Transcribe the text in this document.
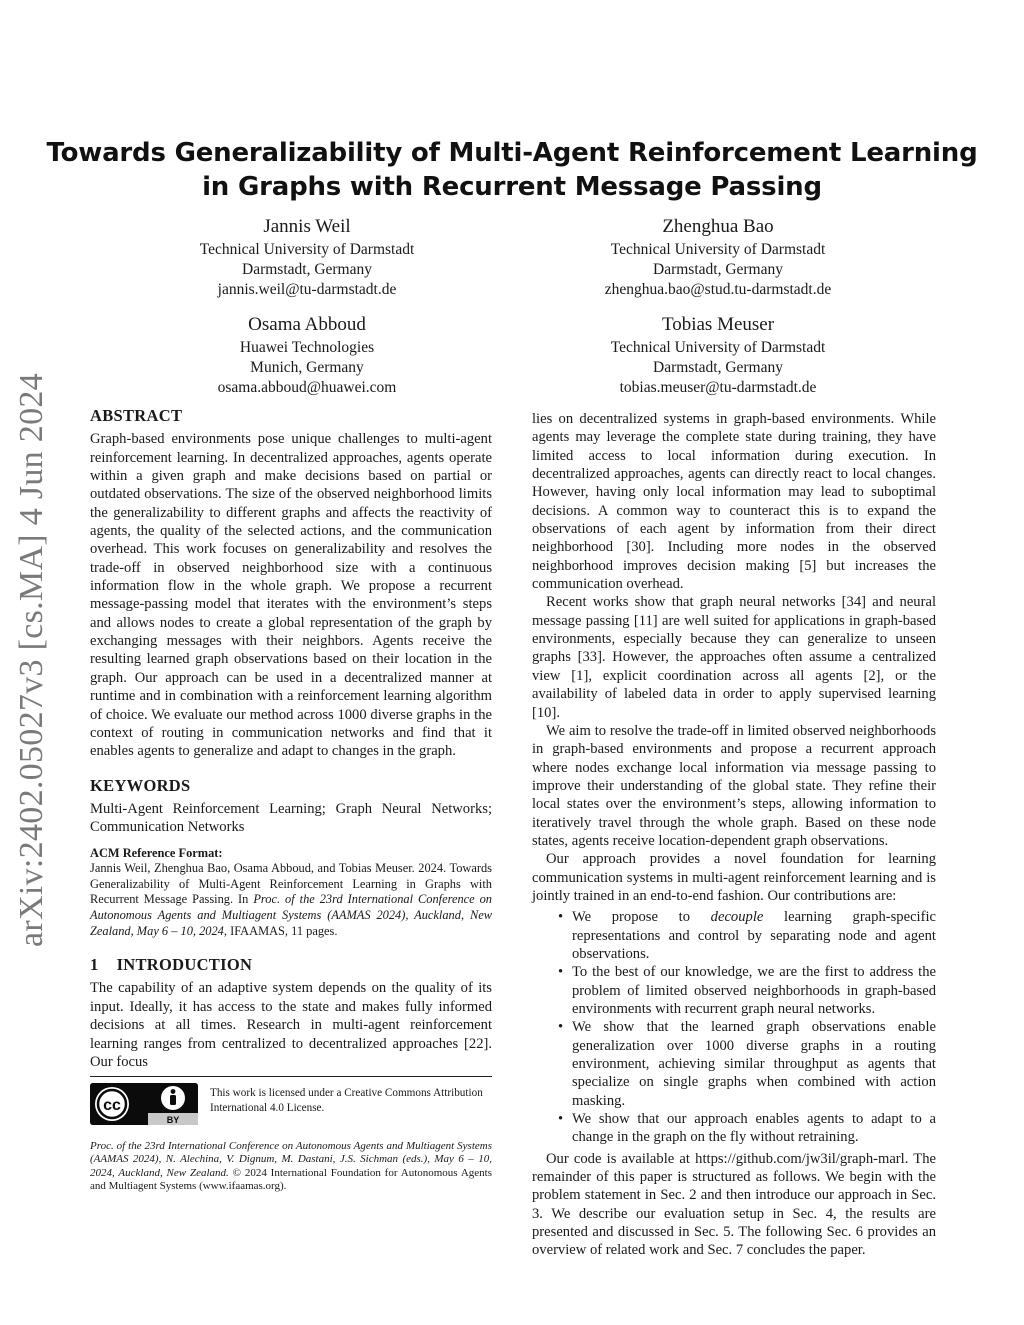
Towards Generalizability of Multi-Agent Reinforcement Learning
in Graphs with Recurrent Message Passing
Jannis Weil
Technical University of Darmstadt
Darmstadt, Germany
jannis.weil@tu-darmstadt.de
Zhenghua Bao
Technical University of Darmstadt
Darmstadt, Germany
zhenghua.bao@stud.tu-darmstadt.de
Osama Abboud
Huawei Technologies
Munich, Germany
osama.abboud@huawei.com
Tobias Meuser
Technical University of Darmstadt
Darmstadt, Germany
tobias.meuser@tu-darmstadt.de
arXiv:2402.05027v3 [cs.MA] 4 Jun 2024 ABSTRACT

Graph-based environments pose unique challenges to multi-agent reinforcement learning. In decentralized approaches, agents operate within a given graph and make decisions based on partial or outdated observations. The size of the observed neighborhood limits the generalizability to different graphs and affects the reactivity of agents, the quality of the selected actions, and the communication overhead. This work focuses on generalizability and resolves the trade-off in observed neighborhood size with a continuous information flow in the whole graph. We propose a recurrent message-passing model that iterates with the environment’s steps and allows nodes to create a global representation of the graph by exchanging messages with their neighbors. Agents receive the resulting learned graph observations based on their location in the graph. Our approach can be used in a decentralized manner at runtime and in combination with a reinforcement learning algorithm of choice. We evaluate our method across 1000 diverse graphs in the context of routing in communication networks and find that it enables agents to generalize and adapt to changes in the graph.

KEYWORDS

Multi-Agent Reinforcement Learning; Graph Neural Networks; Communication Networks

ACM Reference Format:
Jannis Weil, Zhenghua Bao, Osama Abboud, and Tobias Meuser. 2024. Towards Generalizability of Multi-Agent Reinforcement Learning in Graphs with Recurrent Message Passing. In Proc. of the 23rd International Conference on Autonomous Agents and Multiagent Systems (AAMAS 2024), Auckland, New Zealand, May 6 – 10, 2024, IFAAMAS, 11 pages.
1 INTRODUCTION

The capability of an adaptive system depends on the quality of its input. Ideally, it has access to the state and makes fully informed decisions at all times. Research in multi-agent reinforcement learning ranges from centralized to decentralized approaches [22]. Our focus

cc
BY
This work is licensed under a Creative Commons Attribution International 4.0 License.
Proc. of the 23rd International Conference on Autonomous Agents and Multiagent Systems (AAMAS 2024), N. Alechina, V. Dignum, M. Dastani, J.S. Sichman (eds.), May 6 – 10, 2024, Auckland, New Zealand. © 2024 International Foundation for Autonomous Agents and Multiagent Systems (www.ifaamas.org).

lies on decentralized systems in graph-based environments. While agents may leverage the complete state during training, they have limited access to local information during execution. In decentralized approaches, agents can directly react to local changes. However, having only local information may lead to suboptimal decisions. A common way to counteract this is to expand the observations of each agent by information from their direct neighborhood [30]. Including more nodes in the observed neighborhood improves decision making [5] but increases the communication overhead.

Recent works show that graph neural networks [34] and neural message passing [11] are well suited for applications in graph-based environments, especially because they can generalize to unseen graphs [33]. However, the approaches often assume a centralized view [1], explicit coordination across all agents [2], or the availability of labeled data in order to apply supervised learning [10].

We aim to resolve the trade-off in limited observed neighborhoods in graph-based environments and propose a recurrent approach where nodes exchange local information via message passing to improve their understanding of the global state. They refine their local states over the environment’s steps, allowing information to iteratively travel through the whole graph. Based on these node states, agents receive location-dependent graph observations.

Our approach provides a novel foundation for learning communication systems in multi-agent reinforcement learning and is jointly trained in an end-to-end fashion. Our contributions are:

• We propose to decouple learning graph-specific representations and control by separating node and agent observations.
• To the best of our knowledge, we are the first to address the problem of limited observed neighborhoods in graph-based environments with recurrent graph neural networks.
• We show that the learned graph observations enable generalization over 1000 diverse graphs in a routing environment, achieving similar throughput as agents that specialize on single graphs when combined with action masking.
• We show that our approach enables agents to adapt to a change in the graph on the fly without retraining.

Our code is available at https://github.com/jw3il/graph-marl. The remainder of this paper is structured as follows. We begin with the problem statement in Sec. 2 and then introduce our approach in Sec. 3. We describe our evaluation setup in Sec. 4, the results are presented and discussed in Sec. 5. The following Sec. 6 provides an overview of related work and Sec. 7 concludes the paper.
